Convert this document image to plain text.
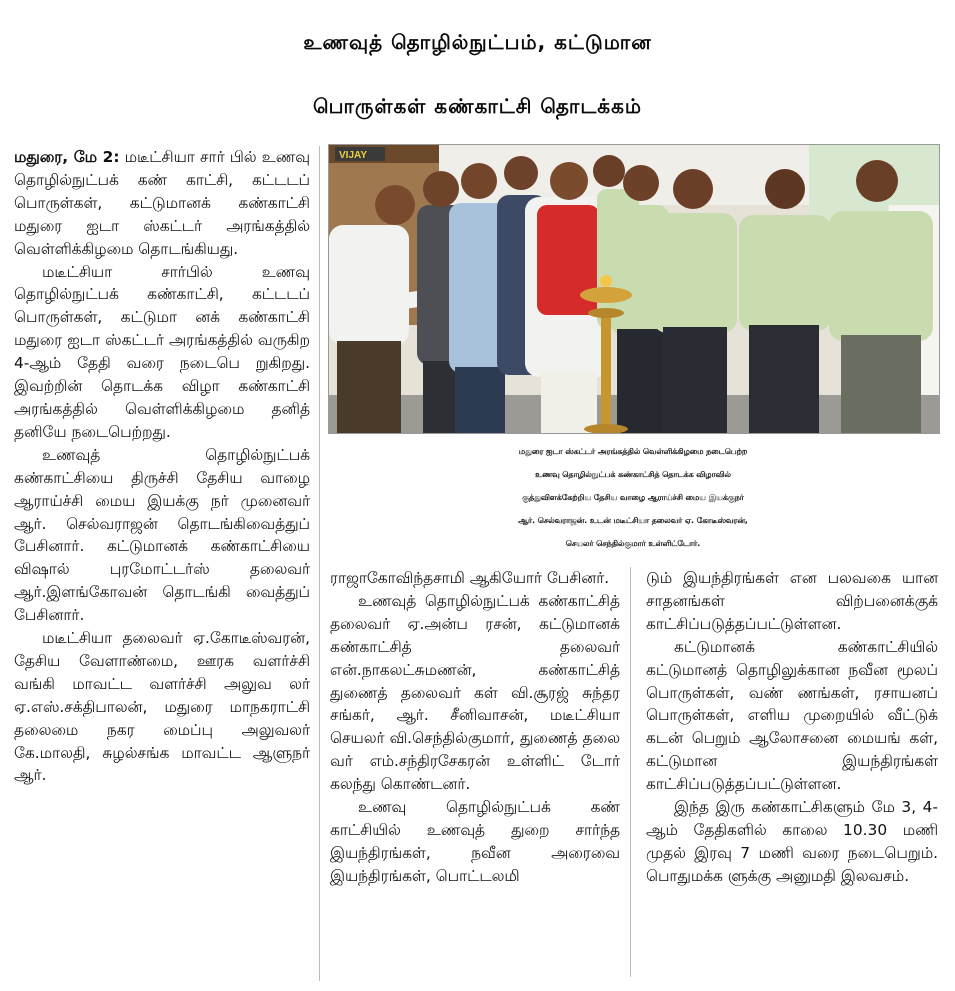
உணவுத் தொழில்நுட்பம், கட்டுமான
பொருள்கள் கண்காட்சி தொடக்கம்

மதுரை, மே 2: மடீட்சியா சார் பில் உணவு தொழில்நுட்பக் கண் காட்சி, கட்டடப் பொருள்கள், கட்டுமானக் கண்காட்சி மதுரை ஐடா ஸ்கட்டர் அரங்கத்தில் வெள்ளிக்கிழமை தொடங்கியது.

மடீட்சியா சார்பில் உணவு தொழில்நுட்பக் கண்காட்சி, கட்டடப் பொருள்கள், கட்டுமா னக் கண்காட்சி மதுரை ஐடா ஸ்கட்டர் அரங்கத்தில் வருகிற 4-ஆம் தேதி வரை நடைபெ றுகிறது. இவற்றின் தொடக்க விழா கண்காட்சி அரங்கத்தில் வெள்ளிக்கிழமை தனித் தனியே நடைபெற்றது.

உணவுத் தொழில்நுட்பக் கண்காட்சியை திருச்சி தேசிய வாழை ஆராய்ச்சி மைய இயக்கு நர் முனைவர் ஆர். செல்வராஜன் தொடங்கிவைத்துப் பேசினார். கட்டுமானக் கண்காட்சியை விஷால் புரமோட்டர்ஸ் தலைவர் ஆர்.இளங்கோவன் தொடங்கி வைத்துப் பேசினார்.

மடீட்சியா தலைவர் ஏ.கோடீஸ்வரன், தேசிய வேளாண்மை, ஊரக வளர்ச்சி வங்கி மாவட்ட வளர்ச்சி அலுவ லர் ஏ.எஸ்.சக்திபாலன், மதுரை மாநகராட்சி தலைமை நகர மைப்பு அலுவலர் கே.மாலதி, சுழல்சங்க மாவட்ட ஆளுநர் ஆர்.

VIJAY
மதுரை ஐடா ஸ்கட்டர் அரங்கத்தில் வெள்ளிக்கிழமை நடைபெற்ற
உணவு தொழில்நுட்பக் கண்காட்சித் தொடக்க விழாவில்
குத்துவிளக்கேற்றிய தேசிய வாழை ஆராய்ச்சி மைய இயக்குநர்
ஆர். செல்வராஜன். உடன் மடீட்சியா தலைவர் ஏ. கோடீஸ்வரன்,
செயலர் செந்தில்குமார் உள்ளிட்டோர்.

ராஜாகோவிந்தசாமி ஆகியோர் பேசினர்.

உணவுத் தொழில்நுட்பக் கண்காட்சித் தலைவர் ஏ.அன்ப ரசன், கட்டுமானக் கண்காட்சித் தலைவர் என்.நாகலட்சுமணன், கண்காட்சித் துணைத் தலைவர் கள் வி.சூரஜ் சுந்தர சங்கர், ஆர். சீனிவாசன், மடீட்சியா செயலர் வி.செந்தில்குமார், துணைத் தலை வர் எம்.சந்திரசேகரன் உள்ளிட் டோர் கலந்து கொண்டனர்.

உணவு தொழில்நுட்பக் கண் காட்சியில் உணவுத் துறை சார்ந்த இயந்திரங்கள், நவீன அரைவை இயந்திரங்கள், பொட்டலமி

டும் இயந்திரங்கள் என பலவகை யான சாதனங்கள் விற்பனைக்குக் காட்சிப்படுத்தப்பட்டுள்ளன.

கட்டுமானக் கண்காட்சியில் கட்டுமானத் தொழிலுக்கான நவீன மூலப் பொருள்கள், வண் ணங்கள், ரசாயனப் பொருள்கள், எளிய முறையில் வீட்டுக் கடன் பெறும் ஆலோசனை மையங் கள், கட்டுமான இயந்திரங்கள் காட்சிப்படுத்தப்பட்டுள்ளன.

இந்த இரு கண்காட்சிகளும் மே 3, 4-ஆம் தேதிகளில் காலை 10.30 மணி முதல் இரவு 7 மணி வரை நடைபெறும். பொதுமக்க ளுக்கு அனுமதி இலவசம்.
